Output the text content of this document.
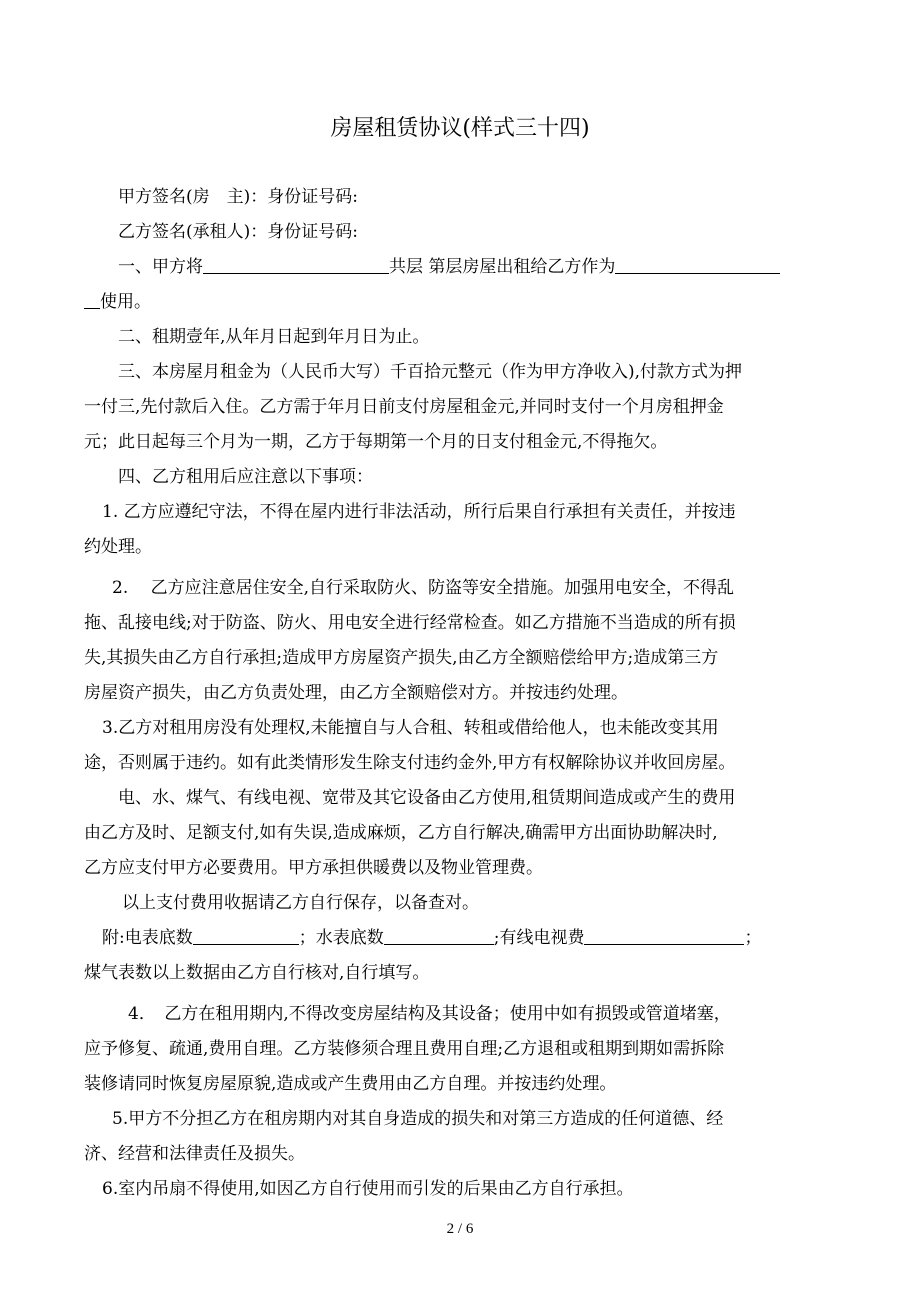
房屋租赁协议(样式三十四)
甲方签名(房　主)：身份证号码:
乙方签名(承租人)：身份证号码:
一、甲方将	共层 第层房屋出租给乙方作为
使用。
二、租期壹年,从年月日起到年月日为止。
三、本房屋月租金为（人民币大写）千百拾元整元（作为甲方净收入),付款方式为押
一付三,先付款后入住。乙方需于年月日前支付房屋租金元,并同时支付一个月房租押金
元；此日起每三个月为一期，乙方于每期第一个月的日支付租金元,不得拖欠。
四、乙方租用后应注意以下事项：
1. 乙方应遵纪守法，不得在屋内进行非法活动，所行后果自行承担有关责任，并按违
约处理。
2.　 乙方应注意居住安全,自行采取防火、防盗等安全措施。加强用电安全，不得乱
拖、乱接电线;对于防盗、防火、用电安全进行经常检查。如乙方措施不当造成的所有损
失,其损失由乙方自行承担;造成甲方房屋资产损失,由乙方全额赔偿给甲方;造成第三方
房屋资产损失，由乙方负责处理，由乙方全额赔偿对方。并按违约处理。
3.乙方对租用房没有处理权,未能擅自与人合租、转租或借给他人，也未能改变其用
途，否则属于违约。如有此类情形发生除支付违约金外,甲方有权解除协议并收回房屋。
电、水、煤气、有线电视、宽带及其它设备由乙方使用,租赁期间造成或产生的费用
由乙方及时、足额支付,如有失误,造成麻烦，乙方自行解决,确需甲方出面协助解决时,
乙方应支付甲方必要费用。甲方承担供暖费以及物业管理费。
以上支付费用收据请乙方自行保存，以备查对。
附:电表底数	；水表底数	;有线电视费	；
煤气表数以上数据由乙方自行核对,自行填写。
4．　乙方在租用期内,不得改变房屋结构及其设备；使用中如有损毁或管道堵塞，
应予修复、疏通,费用自理。乙方装修须合理且费用自理;乙方退租或租期到期如需拆除
装修请同时恢复房屋原貌,造成或产生费用由乙方自理。并按违约处理。
5.甲方不分担乙方在租房期内对其自身造成的损失和对第三方造成的任何道德、经
济、经营和法律责任及损失。
6.室内吊扇不得使用,如因乙方自行使用而引发的后果由乙方自行承担。
2 / 6
